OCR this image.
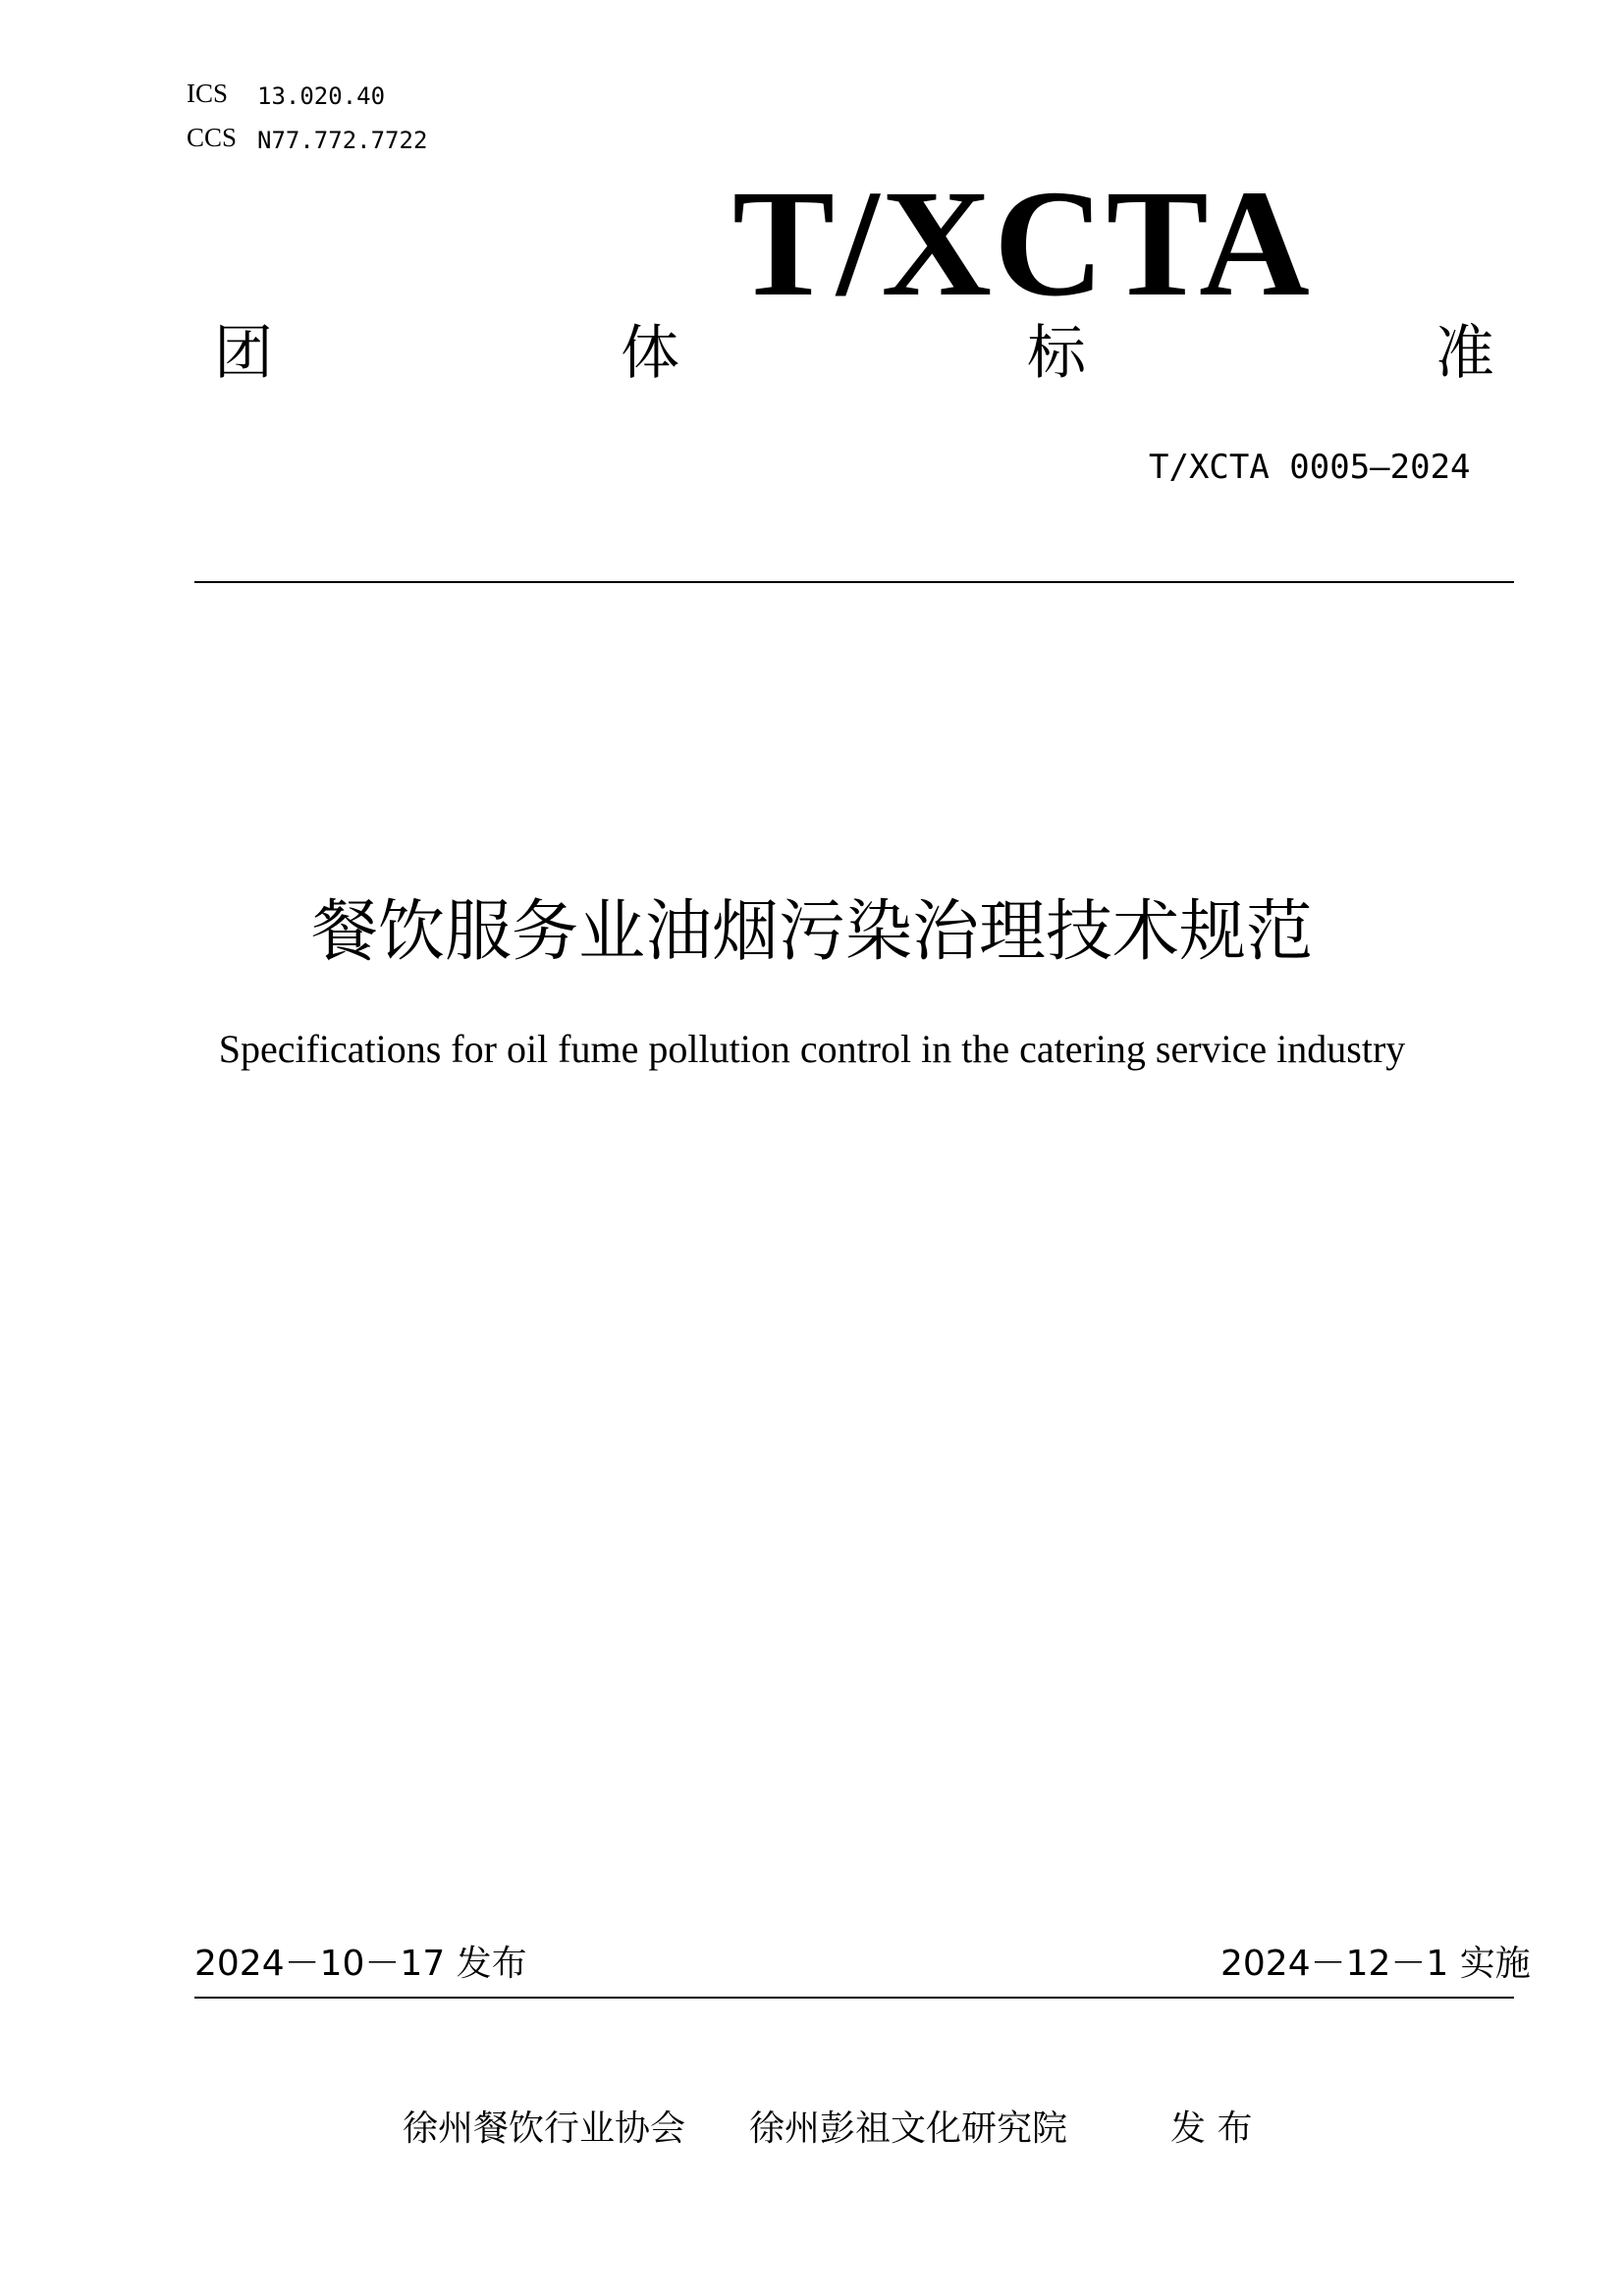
ICS 13.020.40
CCS N77.772.7722
T/XCTA
团	体	标	准
T/XCTA 0005—2024
餐饮服务业油烟污染治理技术规范
Specifications for oil fume pollution control in the catering service industry
2024－10－17 发布	2024－12－1 实施
徐州餐饮行业协会 徐州彭祖文化研究院	发 布
